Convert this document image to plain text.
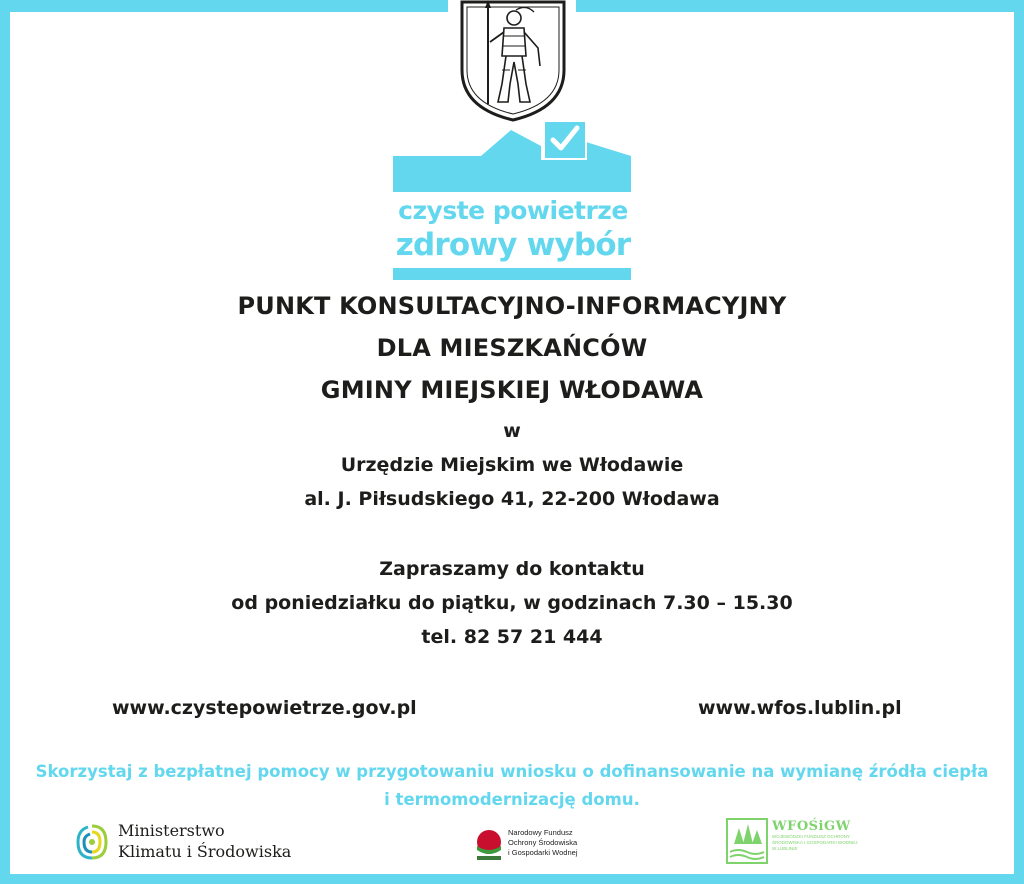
czyste powietrze
zdrowy wybór
PUNKT KONSULTACYJNO-INFORMACYJNY
DLA MIESZKAŃCÓW
GMINY MIEJSKIEJ WŁODAWA
w
Urzędzie Miejskim we Włodawie
al. J. Piłsudskiego 41, 22-200 Włodawa
Zapraszamy do kontaktu
od poniedziałku do piątku, w godzinach 7.30 – 15.30
tel. 82 57 21 444
www.czystepowietrze.gov.pl	www.wfos.lublin.pl
Skorzystaj z bezpłatnej pomocy w przygotowaniu wniosku o dofinansowanie na wymianę źródła ciepła
i termomodernizację domu.
Ministerstwo
Klimatu i Środowiska
Narodowy Fundusz
Ochrony Środowiska
i Gospodarki Wodnej
WFOŚiGW
WOJEWÓDZKI FUNDUSZ OCHRONY
ŚRODOWISKA I GOSPODARKI WODNEJ
W LUBLINIE
